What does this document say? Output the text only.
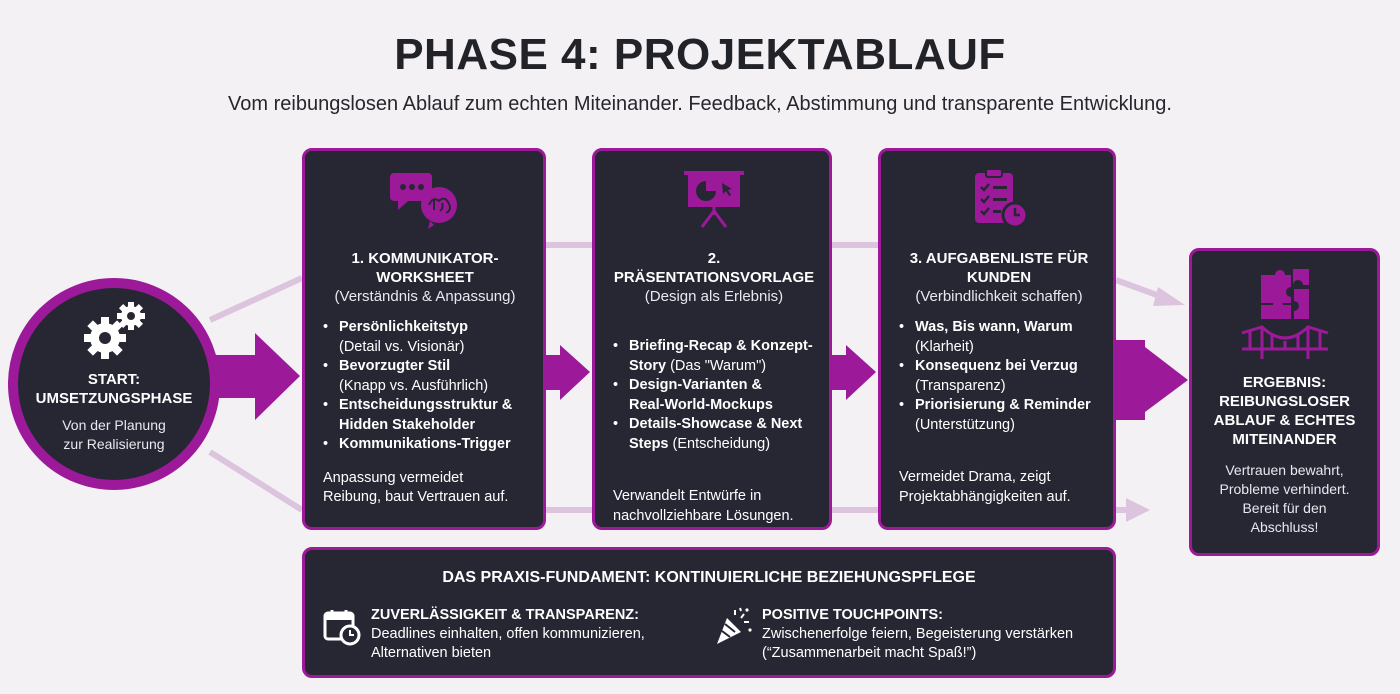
PHASE 4: PROJEKTABLAUF
Vom reibungslosen Ablauf zum echten Miteinander. Feedback, Abstimmung und transparente Entwicklung.
START:
UMSETZUNGSPHASE
Von der Planung
zur Realisierung
1. KOMMUNIKATOR-
WORKSHEET
(Verständnis & Anpassung)
• Persönlichkeitstyp
(Detail vs. Visionär)
• Bevorzugter Stil
(Knapp vs. Ausführlich)
• Entscheidungsstruktur &
Hidden Stakeholder
• Kommunikations-Trigger
Anpassung vermeidet
Reibung, baut Vertrauen auf.
2. PRÄSENTATIONSVORLAGE
(Design als Erlebnis)
• Briefing-Recap & Konzept-
Story (Das "Warum")
• Design-Varianten &
Real-World-Mockups
• Details-Showcase & Next
Steps (Entscheidung)
Verwandelt Entwürfe in
nachvollziehbare Lösungen.
3. AUFGABENLISTE FÜR
KUNDEN
(Verbindlichkeit schaffen)
• Was, Bis wann, Warum
(Klarheit)
• Konsequenz bei Verzug
(Transparenz)
• Priorisierung & Reminder
(Unterstützung)
Vermeidet Drama, zeigt
Projektabhängigkeiten auf.
ERGEBNIS:
REIBUNGSLOSER
ABLAUF & ECHTES
MITEINANDER
Vertrauen bewahrt,
Probleme verhindert.
Bereit für den
Abschluss!
DAS PRAXIS-FUNDAMENT: KONTINUIERLICHE BEZIEHUNGSPFLEGE
ZUVERLÄSSIGKEIT & TRANSPARENZ:
Deadlines einhalten, offen kommunizieren,
Alternativen bieten
POSITIVE TOUCHPOINTS:
Zwischenerfolge feiern, Begeisterung verstärken
(“Zusammenarbeit macht Spaß!”)
